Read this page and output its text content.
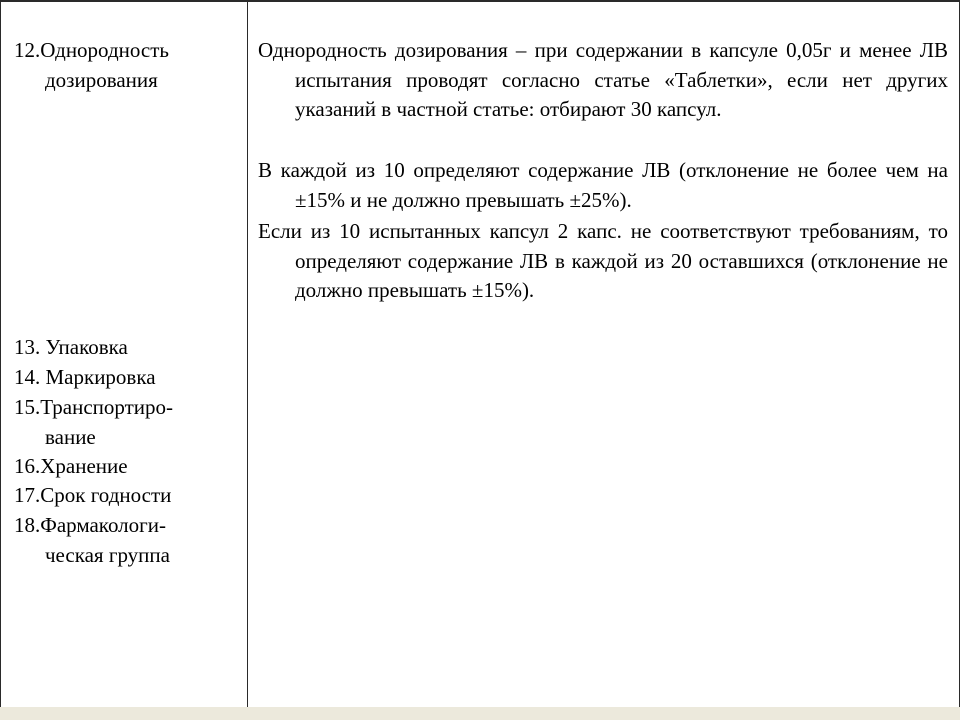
12.Однородность
дозирования
13. Упаковка
14. Маркировка
15.Транспортиро-
вание
16.Хранение
17.Срок годности
18.Фармакологи-
ческая группа

Однородность дозирования – при содержании в капсуле 0,05г и менее ЛВ испытания проводят согласно статье «Таблетки», если нет других указаний в частной статье: отбирают 30 капсул.

В каждой из 10 определяют содержание ЛВ (отклонение не более чем на ±15% и не должно превышать ±25%).

Если из 10 испытанных капсул 2 капс. не соответствуют требованиям, то определяют содержание ЛВ в каждой из 20 оставшихся (отклонение не должно превышать ±15%).
